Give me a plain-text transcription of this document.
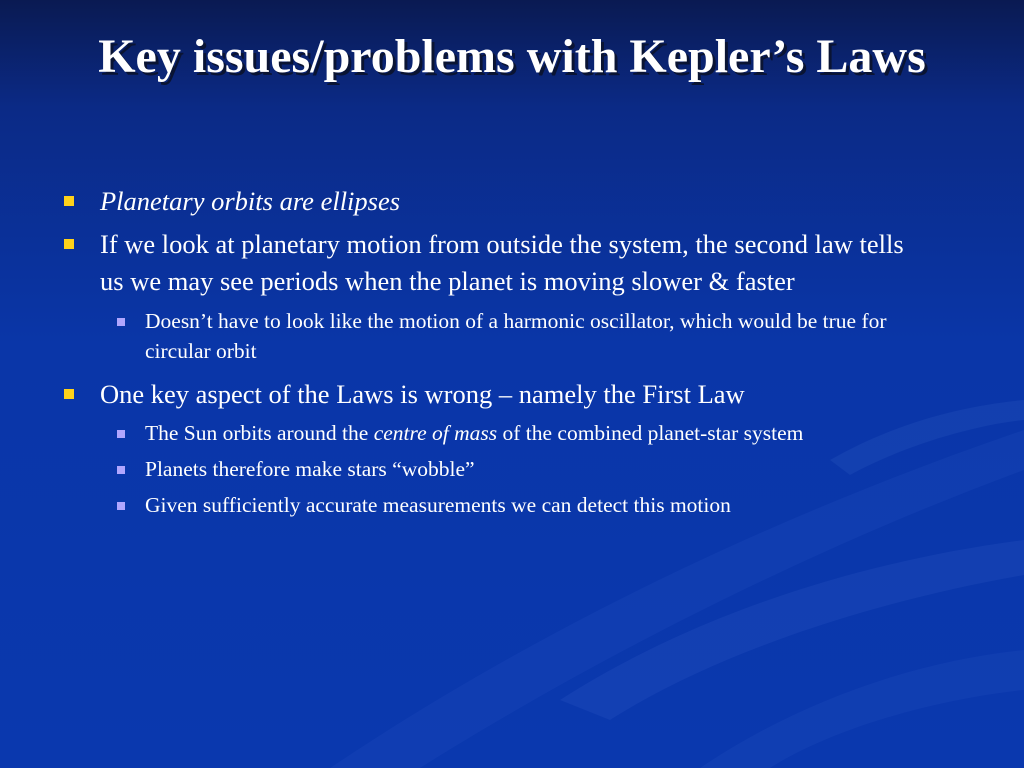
Key issues/problems with Kepler’s Laws
Planetary orbits are ellipses
If we look at planetary motion from outside the system, the second law tells us we may see periods when the planet is moving slower & faster
Doesn’t have to look like the motion of a harmonic oscillator, which would be true for circular orbit
One key aspect of the Laws is wrong – namely the First Law
The Sun orbits around the centre of mass of the combined planet-star system
Planets therefore make stars “wobble”
Given sufficiently accurate measurements we can detect this motion
